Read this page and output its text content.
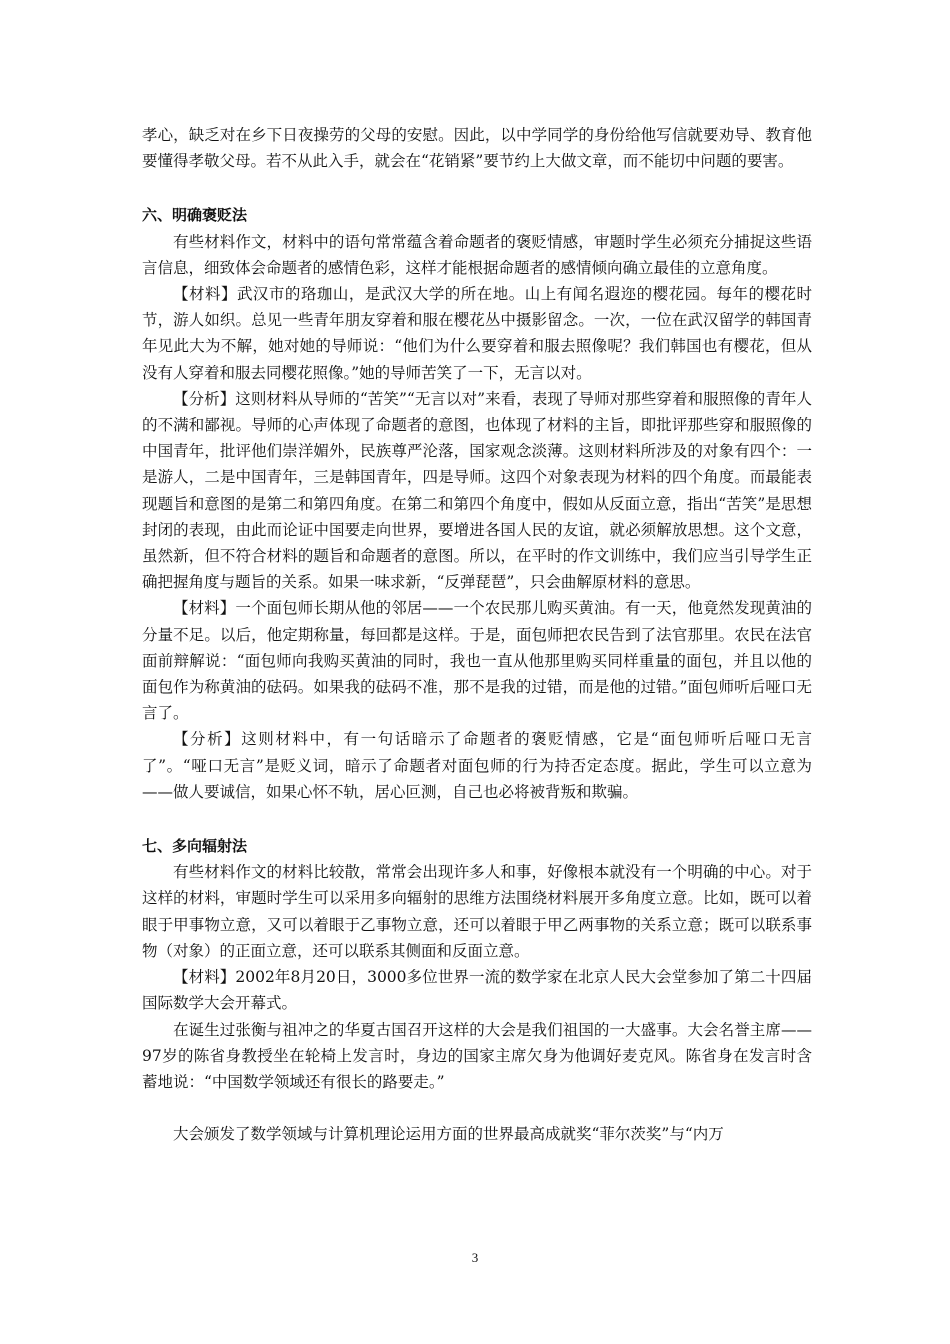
孝心，缺乏对在乡下日夜操劳的父母的安慰。因此，以中学同学的身份给他写信就要劝导、教育他要懂得孝敬父母。若不从此入手，就会在“花销紧”要节约上大做文章，而不能切中问题的要害。

六、明确褒贬法

有些材料作文，材料中的语句常常蕴含着命题者的褒贬情感，审题时学生必须充分捕捉这些语言信息，细致体会命题者的感情色彩，这样才能根据命题者的感情倾向确立最佳的立意角度。

【材料】武汉市的珞珈山，是武汉大学的所在地。山上有闻名遐迩的樱花园。每年的樱花时节，游人如织。总见一些青年朋友穿着和服在樱花丛中摄影留念。一次，一位在武汉留学的韩国青年见此大为不解，她对她的导师说：“他们为什么要穿着和服去照像呢？我们韩国也有樱花，但从没有人穿着和服去同樱花照像。”她的导师苦笑了一下，无言以对。

【分析】这则材料从导师的“苦笑”“无言以对”来看，表现了导师对那些穿着和服照像的青年人的不满和鄙视。导师的心声体现了命题者的意图，也体现了材料的主旨，即批评那些穿和服照像的中国青年，批评他们崇洋媚外，民族尊严沦落，国家观念淡薄。这则材料所涉及的对象有四个：一是游人，二是中国青年，三是韩国青年，四是导师。这四个对象表现为材料的四个角度。而最能表现题旨和意图的是第二和第四角度。在第二和第四个角度中，假如从反面立意，指出“苦笑”是思想封闭的表现，由此而论证中国要走向世界，要增进各国人民的友谊，就必须解放思想。这个文意，虽然新，但不符合材料的题旨和命题者的意图。所以，在平时的作文训练中，我们应当引导学生正确把握角度与题旨的关系。如果一味求新，“反弹琵琶”，只会曲解原材料的意思。

【材料】一个面包师长期从他的邻居——一个农民那儿购买黄油。有一天，他竟然发现黄油的分量不足。以后，他定期称量，每回都是这样。于是，面包师把农民告到了法官那里。农民在法官面前辩解说：“面包师向我购买黄油的同时，我也一直从他那里购买同样重量的面包，并且以他的面包作为称黄油的砝码。如果我的砝码不准，那不是我的过错，而是他的过错。”面包师听后哑口无言了。

【分析】这则材料中，有一句话暗示了命题者的褒贬情感，它是“面包师听后哑口无言了”。“哑口无言”是贬义词，暗示了命题者对面包师的行为持否定态度。据此，学生可以立意为——做人要诚信，如果心怀不轨，居心叵测，自己也必将被背叛和欺骗。

七、多向辐射法

有些材料作文的材料比较散，常常会出现许多人和事，好像根本就没有一个明确的中心。对于这样的材料，审题时学生可以采用多向辐射的思维方法围绕材料展开多角度立意。比如，既可以着眼于甲事物立意，又可以着眼于乙事物立意，还可以着眼于甲乙两事物的关系立意；既可以联系事物（对象）的正面立意，还可以联系其侧面和反面立意。

【材料】2002年8月20日，3000多位世界一流的数学家在北京人民大会堂参加了第二十四届国际数学大会开幕式。

在诞生过张衡与祖冲之的华夏古国召开这样的大会是我们祖国的一大盛事。大会名誉主席——97岁的陈省身教授坐在轮椅上发言时，身边的国家主席欠身为他调好麦克风。陈省身在发言时含蓄地说：“中国数学领域还有很长的路要走。”

大会颁发了数学领域与计算机理论运用方面的世界最高成就奖“菲尔茨奖”与“内万

3
